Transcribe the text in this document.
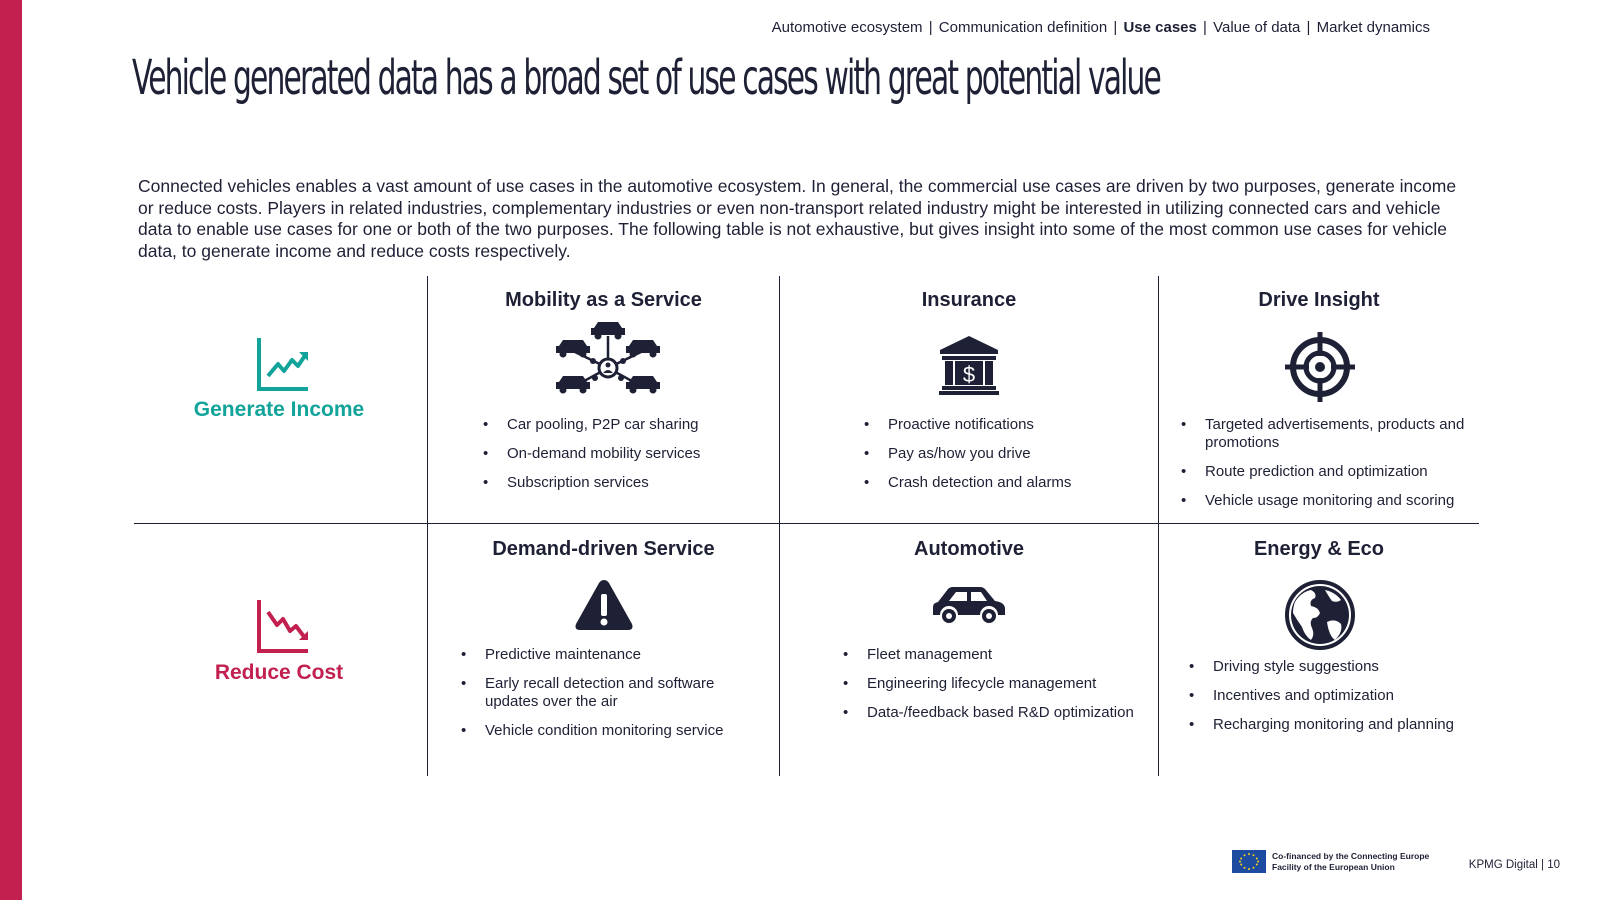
Automotive ecosystem | Communication definition | Use cases | Value of data | Market dynamics
Vehicle generated data has a broad set of use cases with great potential value

Connected vehicles enables a vast amount of use cases in the automotive ecosystem. In general, the commercial use cases are driven by two purposes, generate income or reduce costs. Players in related industries, complementary industries or even non-transport related industry might be interested in utilizing connected cars and vehicle data to enable use cases for one or both of the two purposes. The following table is not exhaustive, but gives insight into some of the most common use cases for vehicle data, to generate income and reduce costs respectively.

Generate Income
Reduce Cost
Mobility as a Service
• Car pooling, P2P car sharing
• On-demand mobility services
• Subscription services
Insurance
$
• Proactive notifications
• Pay as/how you drive
• Crash detection and alarms
Drive Insight
• Targeted advertisements, products and promotions
• Route prediction and optimization
• Vehicle usage monitoring and scoring
Demand-driven Service
• Predictive maintenance
• Early recall detection and software updates over the air
• Vehicle condition monitoring service
Automotive
• Fleet management
• Engineering lifecycle management
• Data-/feedback based R&D optimization
Energy & Eco
• Driving style suggestions
• Incentives and optimization
• Recharging monitoring and planning
Co-financed by the Connecting Europe
Facility of the European Union	KPMG Digital | 10
